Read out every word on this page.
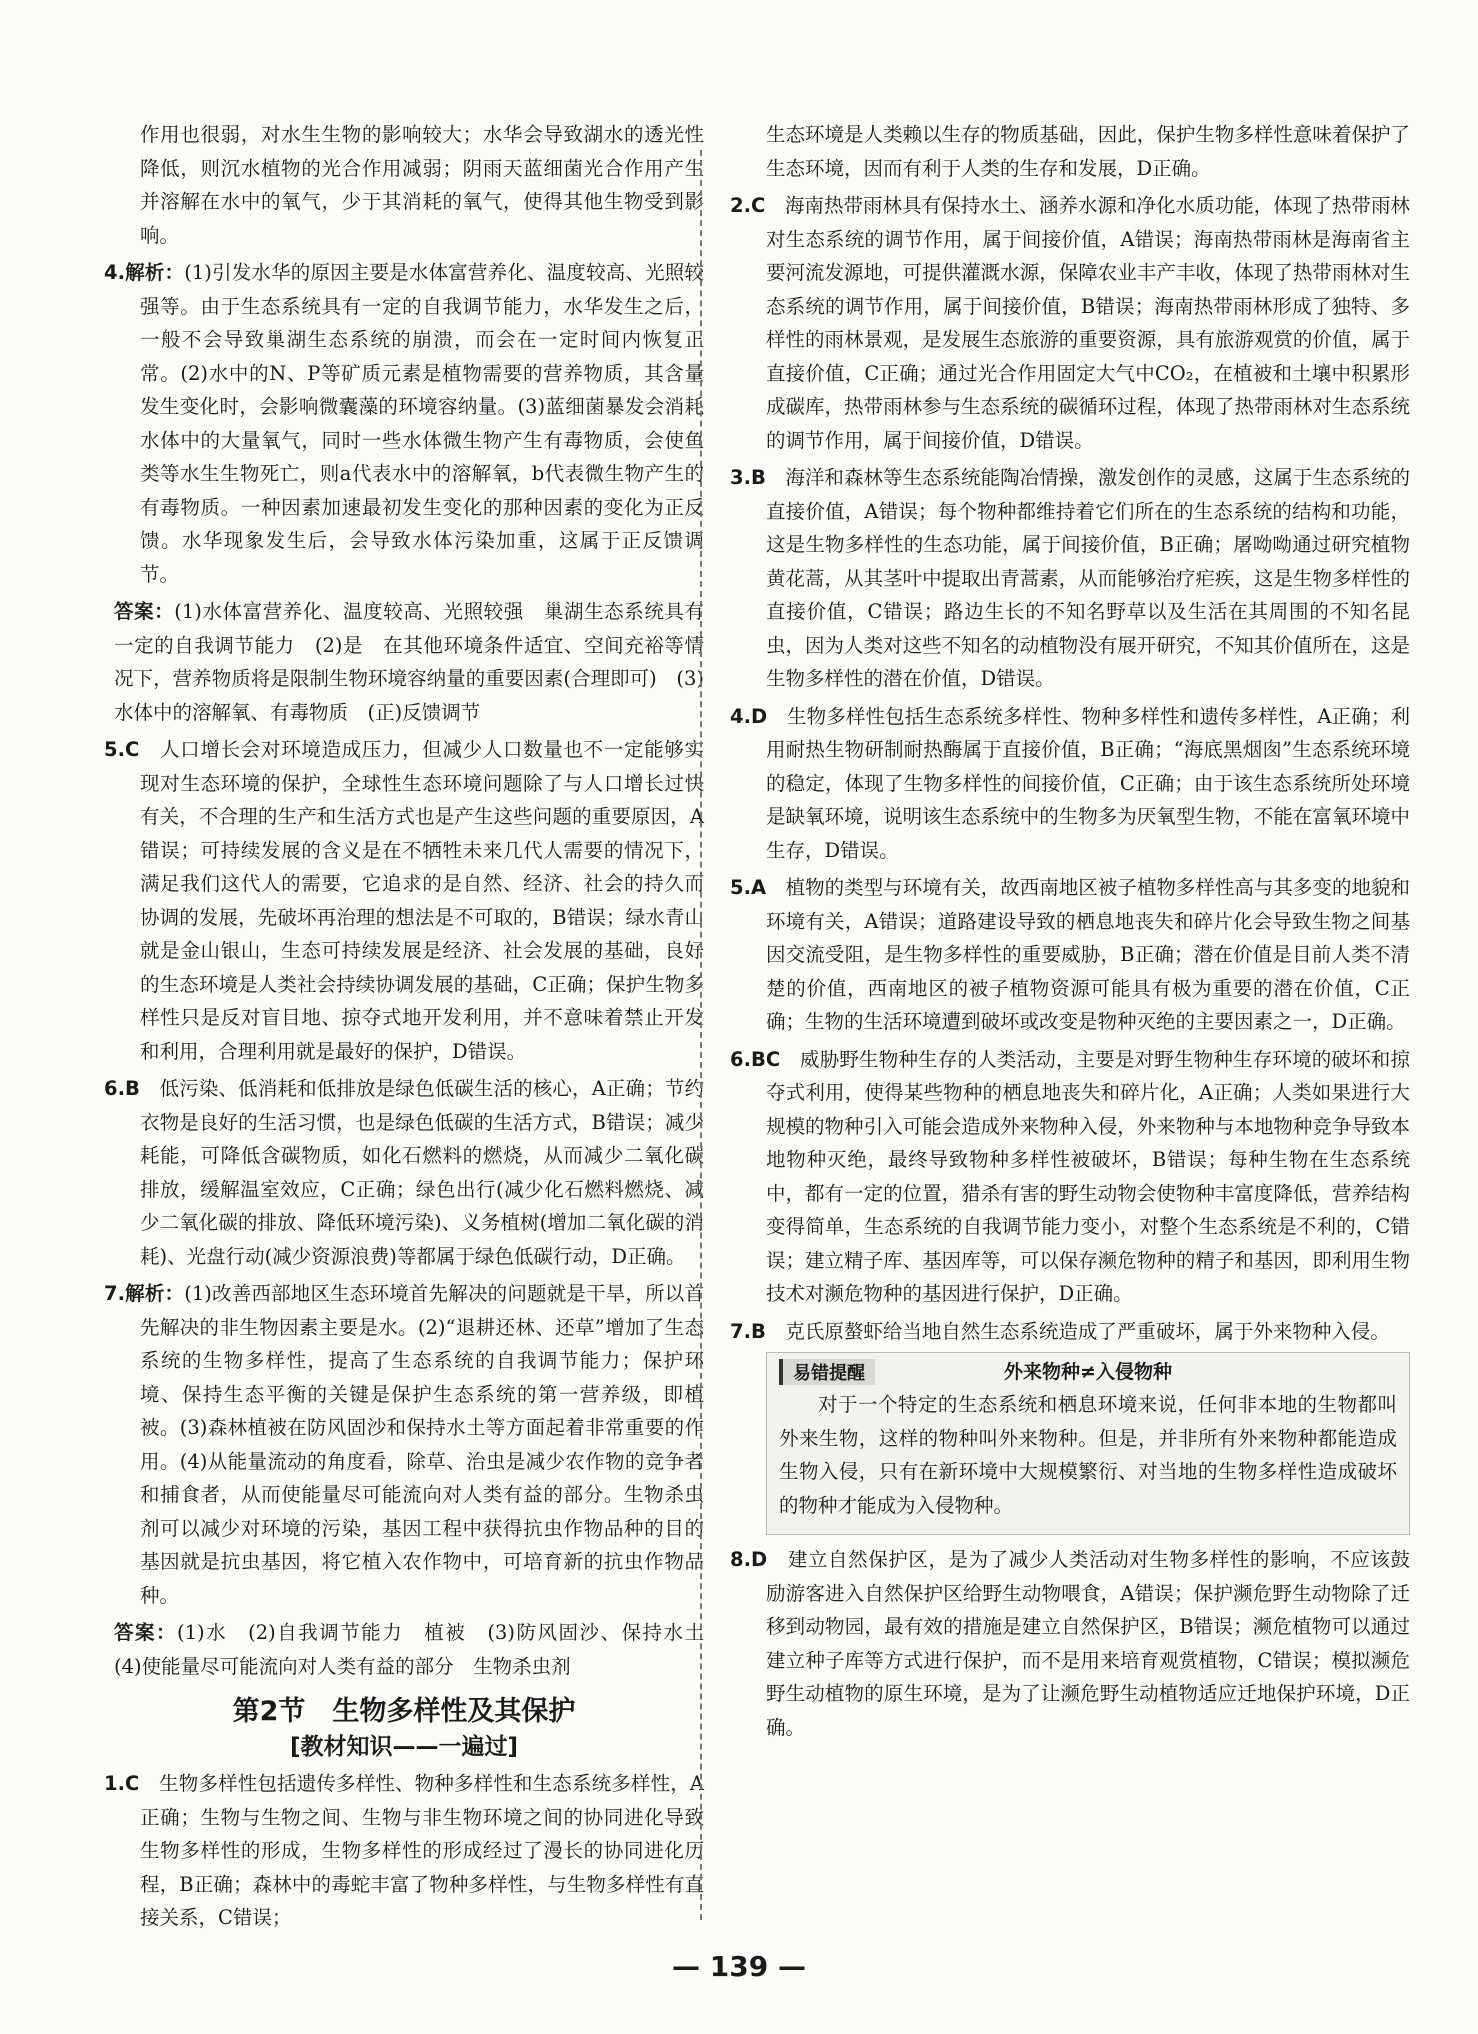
作用也很弱，对水生生物的影响较大；水华会导致湖水的透光性降低，则沉水植物的光合作用减弱；阴雨天蓝细菌光合作用产生并溶解在水中的氧气，少于其消耗的氧气，使得其他生物受到影响。

4.解析：(1)引发水华的原因主要是水体富营养化、温度较高、光照较强等。由于生态系统具有一定的自我调节能力，水华发生之后，一般不会导致巢湖生态系统的崩溃，而会在一定时间内恢复正常。(2)水中的N、P等矿质元素是植物需要的营养物质，其含量发生变化时，会影响微囊藻的环境容纳量。(3)蓝细菌暴发会消耗水体中的大量氧气，同时一些水体微生物产生有毒物质，会使鱼类等水生生物死亡，则a代表水中的溶解氧，b代表微生物产生的有毒物质。一种因素加速最初发生变化的那种因素的变化为正反馈。水华现象发生后，会导致水体污染加重，这属于正反馈调节。

答案：(1)水体富营养化、温度较高、光照较强　巢湖生态系统具有一定的自我调节能力　(2)是　在其他环境条件适宜、空间充裕等情况下，营养物质将是限制生物环境容纳量的重要因素(合理即可)　(3)水体中的溶解氧、有毒物质　(正)反馈调节

5.C　 人口增长会对环境造成压力，但减少人口数量也不一定能够实现对生态环境的保护，全球性生态环境问题除了与人口增长过快有关，不合理的生产和生活方式也是产生这些问题的重要原因，A错误；可持续发展的含义是在不牺牲未来几代人需要的情况下，满足我们这代人的需要，它追求的是自然、经济、社会的持久而协调的发展，先破坏再治理的想法是不可取的，B错误；绿水青山就是金山银山，生态可持续发展是经济、社会发展的基础，良好的生态环境是人类社会持续协调发展的基础，C正确；保护生物多样性只是反对盲目地、掠夺式地开发利用，并不意味着禁止开发和利用，合理利用就是最好的保护，D错误。

6.B　 低污染、低消耗和低排放是绿色低碳生活的核心，A正确；节约衣物是良好的生活习惯，也是绿色低碳的生活方式，B错误；减少耗能，可降低含碳物质，如化石燃料的燃烧，从而减少二氧化碳排放，缓解温室效应，C正确；绿色出行(减少化石燃料燃烧、减少二氧化碳的排放、降低环境污染)、义务植树(增加二氧化碳的消耗)、光盘行动(减少资源浪费)等都属于绿色低碳行动，D正确。

7.解析：(1)改善西部地区生态环境首先解决的问题就是干旱，所以首先解决的非生物因素主要是水。(2)“退耕还林、还草”增加了生态系统的生物多样性，提高了生态系统的自我调节能力；保护环境、保持生态平衡的关键是保护生态系统的第一营养级，即植被。(3)森林植被在防风固沙和保持水土等方面起着非常重要的作用。(4)从能量流动的角度看，除草、治虫是减少农作物的竞争者和捕食者，从而使能量尽可能流向对人类有益的部分。生物杀虫剂可以减少对环境的污染，基因工程中获得抗虫作物品种的目的基因就是抗虫基因，将它植入农作物中，可培育新的抗虫作物品种。

答案：(1)水　(2)自我调节能力　植被　(3)防风固沙、保持水土　(4)使能量尽可能流向对人类有益的部分　生物杀虫剂

第2节　生物多样性及其保护
[教材知识——一遍过]

1.C　 生物多样性包括遗传多样性、物种多样性和生态系统多样性，A正确；生物与生物之间、生物与非生物环境之间的协同进化导致生物多样性的形成，生物多样性的形成经过了漫长的协同进化历程，B正确；森林中的毒蛇丰富了物种多样性，与生物多样性有直接关系，C错误；

生态环境是人类赖以生存的物质基础，因此，保护生物多样性意味着保护了生态环境，因而有利于人类的生存和发展，D正确。

2.C　 海南热带雨林具有保持水土、涵养水源和净化水质功能，体现了热带雨林对生态系统的调节作用，属于间接价值，A错误；海南热带雨林是海南省主要河流发源地，可提供灌溉水源，保障农业丰产丰收，体现了热带雨林对生态系统的调节作用，属于间接价值，B错误；海南热带雨林形成了独特、多样性的雨林景观，是发展生态旅游的重要资源，具有旅游观赏的价值，属于直接价值，C正确；通过光合作用固定大气中CO₂，在植被和土壤中积累形成碳库，热带雨林参与生态系统的碳循环过程，体现了热带雨林对生态系统的调节作用，属于间接价值，D错误。

3.B　 海洋和森林等生态系统能陶冶情操，激发创作的灵感，这属于生态系统的直接价值，A错误；每个物种都维持着它们所在的生态系统的结构和功能，这是生物多样性的生态功能，属于间接价值，B正确；屠呦呦通过研究植物黄花蒿，从其茎叶中提取出青蒿素，从而能够治疗疟疾，这是生物多样性的直接价值，C错误；路边生长的不知名野草以及生活在其周围的不知名昆虫，因为人类对这些不知名的动植物没有展开研究，不知其价值所在，这是生物多样性的潜在价值，D错误。

4.D　 生物多样性包括生态系统多样性、物种多样性和遗传多样性，A正确；利用耐热生物研制耐热酶属于直接价值，B正确；“海底黑烟囱”生态系统环境的稳定，体现了生物多样性的间接价值，C正确；由于该生态系统所处环境是缺氧环境，说明该生态系统中的生物多为厌氧型生物，不能在富氧环境中生存，D错误。

5.A　 植物的类型与环境有关，故西南地区被子植物多样性高与其多变的地貌和环境有关，A错误；道路建设导致的栖息地丧失和碎片化会导致生物之间基因交流受阻，是生物多样性的重要威胁，B正确；潜在价值是目前人类不清楚的价值，西南地区的被子植物资源可能具有极为重要的潜在价值，C正确；生物的生活环境遭到破坏或改变是物种灭绝的主要因素之一，D正确。

6.BC　 威胁野生物种生存的人类活动，主要是对野生物种生存环境的破坏和掠夺式利用，使得某些物种的栖息地丧失和碎片化，A正确；人类如果进行大规模的物种引入可能会造成外来物种入侵，外来物种与本地物种竞争导致本地物种灭绝，最终导致物种多样性被破坏，B错误；每种生物在生态系统中，都有一定的位置，猎杀有害的野生动物会使物种丰富度降低，营养结构变得简单，生态系统的自我调节能力变小，对整个生态系统是不利的，C错误；建立精子库、基因库等，可以保存濒危物种的精子和基因，即利用生物技术对濒危物种的基因进行保护，D正确。

7.B　 克氏原螯虾给当地自然生态系统造成了严重破坏，属于外来物种入侵。

易错提醒	外来物种≠入侵物种

对于一个特定的生态系统和栖息环境来说，任何非本地的生物都叫外来生物，这样的物种叫外来物种。但是，并非所有外来物种都能造成生物入侵，只有在新环境中大规模繁衍、对当地的生物多样性造成破坏的物种才能成为入侵物种。

8.D　 建立自然保护区，是为了减少人类活动对生物多样性的影响，不应该鼓励游客进入自然保护区给野生动物喂食，A错误；保护濒危野生动物除了迁移到动物园，最有效的措施是建立自然保护区，B错误；濒危植物可以通过建立种子库等方式进行保护，而不是用来培育观赏植物，C错误；模拟濒危野生动植物的原生环境，是为了让濒危野生动植物适应迁地保护环境，D正确。

— 139 —
